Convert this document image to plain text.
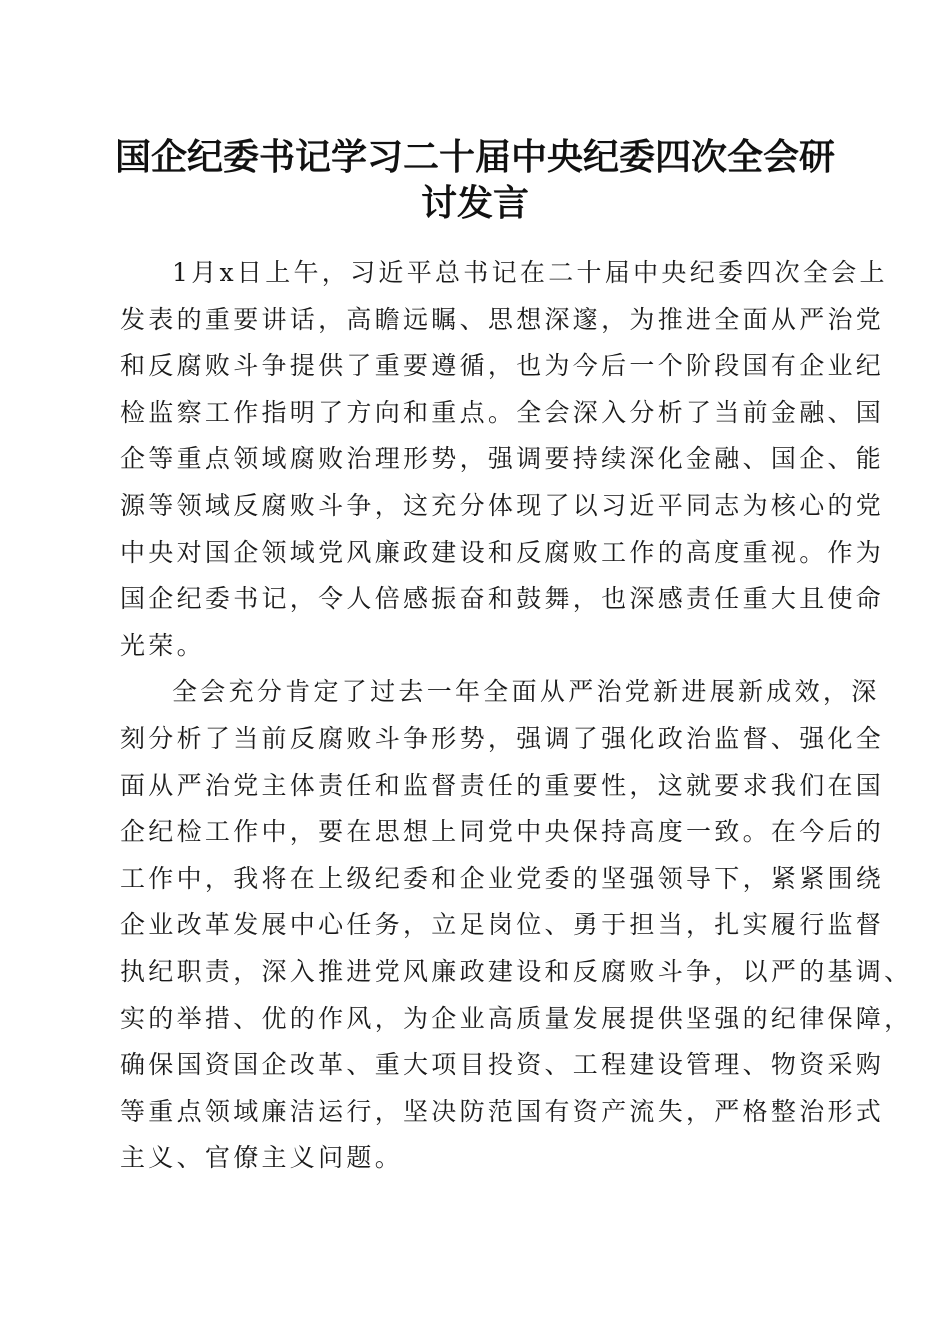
国企纪委书记学习二十届中央纪委四次全会研
讨发言
1月x日上午，习近平总书记在二十届中央纪委四次全会上
发表的重要讲话，高瞻远瞩、思想深邃，为推进全面从严治党
和反腐败斗争提供了重要遵循，也为今后一个阶段国有企业纪
检监察工作指明了方向和重点。全会深入分析了当前金融、国
企等重点领域腐败治理形势，强调要持续深化金融、国企、能
源等领域反腐败斗争，这充分体现了以习近平同志为核心的党
中央对国企领域党风廉政建设和反腐败工作的高度重视。作为
国企纪委书记，令人倍感振奋和鼓舞，也深感责任重大且使命
光荣。
全会充分肯定了过去一年全面从严治党新进展新成效，深
刻分析了当前反腐败斗争形势，强调了强化政治监督、强化全
面从严治党主体责任和监督责任的重要性，这就要求我们在国
企纪检工作中，要在思想上同党中央保持高度一致。在今后的
工作中，我将在上级纪委和企业党委的坚强领导下，紧紧围绕
企业改革发展中心任务，立足岗位、勇于担当，扎实履行监督
执纪职责，深入推进党风廉政建设和反腐败斗争，以严的基调、
实的举措、优的作风，为企业高质量发展提供坚强的纪律保障，
确保国资国企改革、重大项目投资、工程建设管理、物资采购
等重点领域廉洁运行，坚决防范国有资产流失，严格整治形式
主义、官僚主义问题。
